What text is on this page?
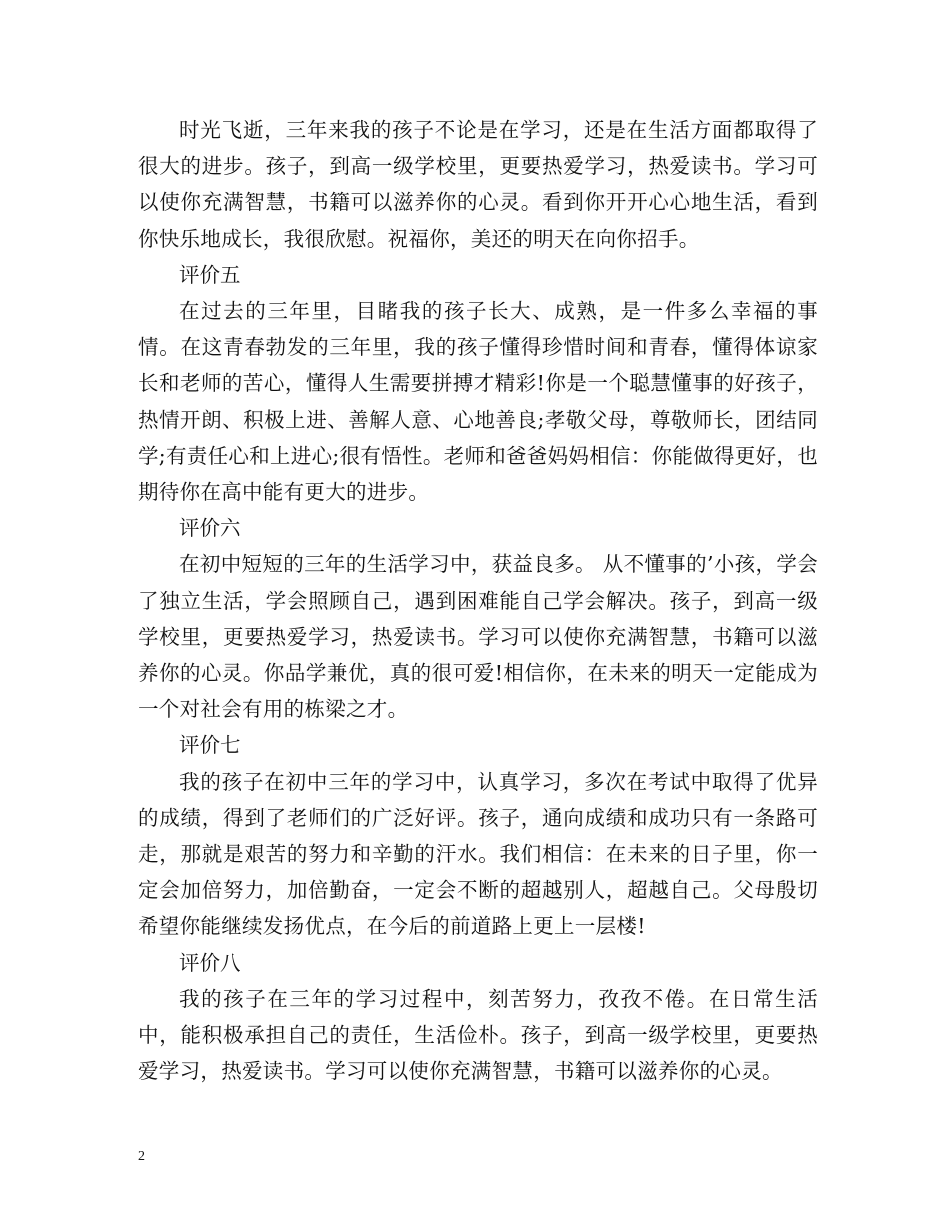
时光飞逝，三年来我的孩子不论是在学习，还是在生活方面都取得了很大的进步。孩子，到高一级学校里，更要热爱学习，热爱读书。学习可以使你充满智慧，书籍可以滋养你的心灵。看到你开开心心地生活，看到你快乐地成长，我很欣慰。祝福你，美还的明天在向你招手。

评价五

在过去的三年里，目睹我的孩子长大、成熟，是一件多么幸福的事情。在这青春勃发的三年里，我的孩子懂得珍惜时间和青春，懂得体谅家长和老师的苦心，懂得人生需要拼搏才精彩!你是一个聪慧懂事的好孩子，热情开朗、积极上进、善解人意、心地善良;孝敬父母，尊敬师长，团结同学;有责任心和上进心;很有悟性。老师和爸爸妈妈相信：你能做得更好，也期待你在高中能有更大的进步。

评价六

在初中短短的三年的生活学习中，获益良多。 从不懂事的’小孩，学会了独立生活，学会照顾自己，遇到困难能自己学会解决。孩子，到高一级学校里，更要热爱学习，热爱读书。学习可以使你充满智慧，书籍可以滋养你的心灵。你品学兼优，真的很可爱!相信你，在未来的明天一定能成为一个对社会有用的栋梁之才。

评价七

我的孩子在初中三年的学习中，认真学习，多次在考试中取得了优异的成绩，得到了老师们的广泛好评。孩子，通向成绩和成功只有一条路可走，那就是艰苦的努力和辛勤的汗水。我们相信：在未来的日子里，你一定会加倍努力，加倍勤奋，一定会不断的超越别人，超越自己。父母殷切希望你能继续发扬优点，在今后的前道路上更上一层楼!

评价八

我的孩子在三年的学习过程中，刻苦努力，孜孜不倦。在日常生活中，能积极承担自己的责任，生活俭朴。孩子，到高一级学校里，更要热爱学习，热爱读书。学习可以使你充满智慧，书籍可以滋养你的心灵。

2
